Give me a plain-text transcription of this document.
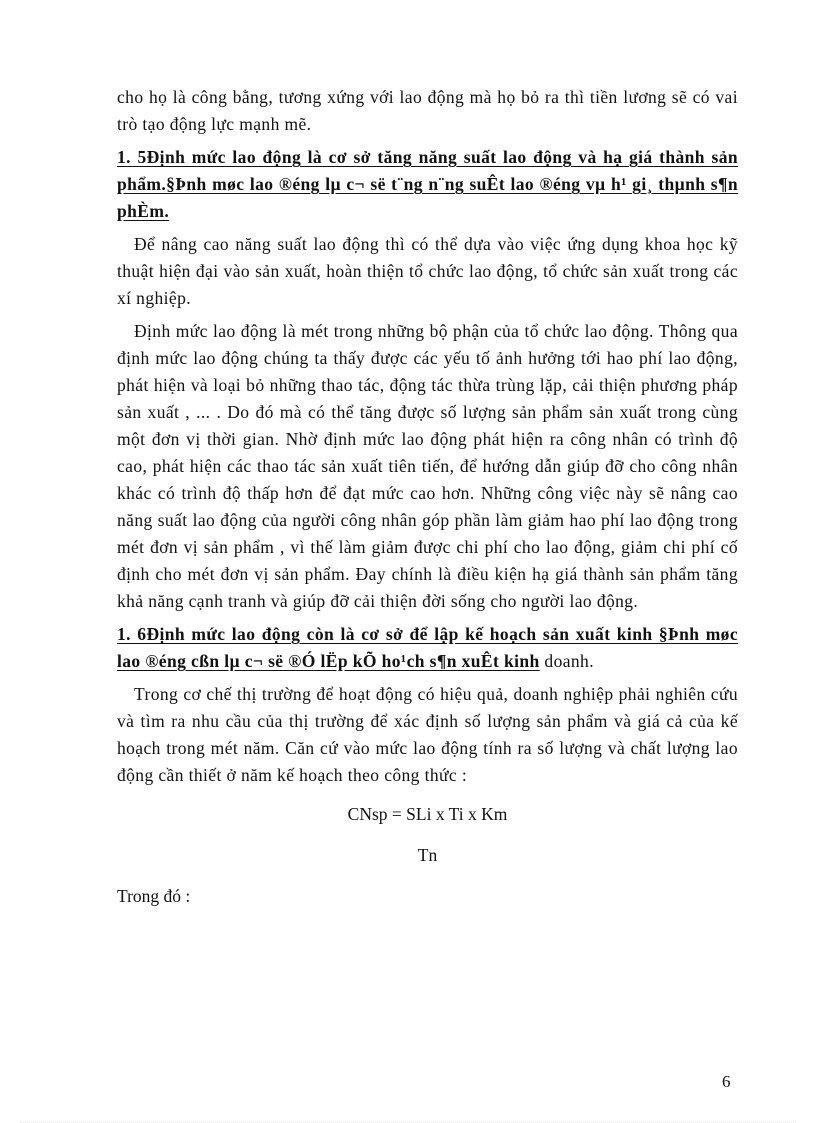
cho họ là công bằng, tương xứng với lao động mà họ bỏ ra thì tiền lương sẽ có vai trò tạo động lực mạnh mẽ.

1. 5Định mức lao động là cơ sở tăng năng suất lao động và hạ giá thành sản phẩm.§Þnh møc lao ®éng lµ c¬ së t¨ng n¨ng suÊt lao ®éng vµ h¹ gi¸ thµnh s¶n phÈm.

Để nâng cao năng suất lao động thì có thể dựa vào việc ứng dụng khoa học kỹ thuật hiện đại vào sản xuất, hoàn thiện tổ chức lao động, tổ chức sản xuất trong các xí nghiệp.

Định mức lao động là mét trong những bộ phận của tổ chức lao động. Thông qua định mức lao động chúng ta thấy được các yếu tố ảnh hưởng tới hao phí lao động, phát hiện và loại bỏ những thao tác, động tác thừa trùng lặp, cải thiện phương pháp sản xuất , ... . Do đó mà có thể tăng được số lượng sản phẩm sản xuất trong cùng một đơn vị thời gian. Nhờ định mức lao động phát hiện ra công nhân có trình độ cao, phát hiện các thao tác sản xuất tiên tiến, để hướng dẫn giúp đỡ cho công nhân khác có trình độ thấp hơn để đạt mức cao hơn. Những công việc này sẽ nâng cao năng suất lao động của người công nhân góp phần làm giảm hao phí lao động trong mét đơn vị sản phẩm , vì thế làm giảm được chi phí cho lao động, giảm chi phí cố định cho mét đơn vị sản phẩm. Đay chính là điều kiện hạ giá thành sản phẩm tăng khả năng cạnh tranh và giúp đỡ cải thiện đời sống cho người lao động.

1. 6Định mức lao động còn là cơ sở để lập kế hoạch sản xuất kinh §Þnh møc lao ®éng cßn lµ c¬ së ®Ó lËp kÕ ho¹ch s¶n xuÊt kinh doanh.

Trong cơ chế thị trường để hoạt động có hiệu quả, doanh nghiệp phải nghiên cứu và tìm ra nhu cầu của thị trường để xác định số lượng sản phẩm và giá cả của kế hoạch trong mét năm. Căn cứ vào mức lao động tính ra số lượng và chất lượng lao động cần thiết ở năm kế hoạch theo công thức :

CNsp = SLi x Ti x Km
Tn
Trong đó :
6
